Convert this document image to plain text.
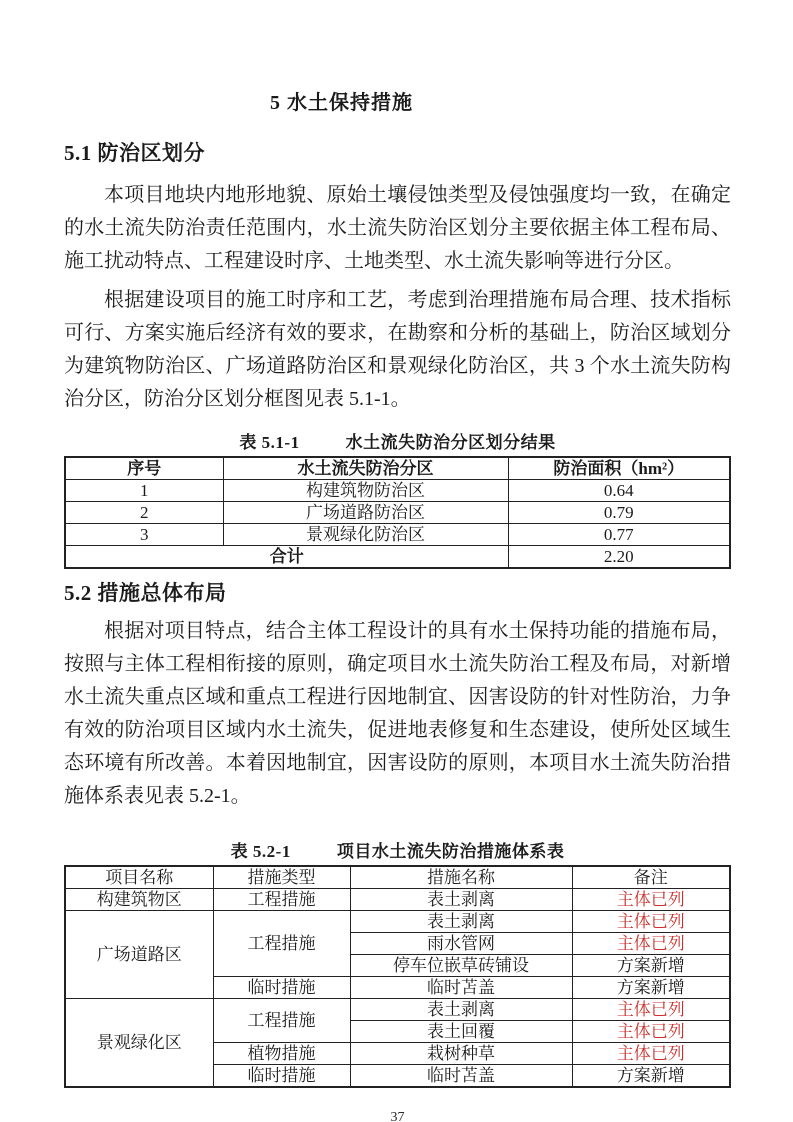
5 水土保持措施
5.1 防治区划分

本项目地块内地形地貌、原始土壤侵蚀类型及侵蚀强度均一致，在确定的水土流失防治责任范围内，水土流失防治区划分主要依据主体工程布局、施工扰动特点、工程建设时序、土地类型、水土流失影响等进行分区。

根据建设项目的施工时序和工艺，考虑到治理措施布局合理、技术指标可行、方案实施后经济有效的要求，在勘察和分析的基础上，防治区域划分为建筑物防治区、广场道路防治区和景观绿化防治区，共 3 个水土流失防构治分区，防治分区划分框图见表 5.1-1。

表 5.1-1	水土流失防治分区划分结果
序号	水土流失防治分区	防治面积（hm²）
1	构建筑物防治区	0.64
2	广场道路防治区	0.79
3	景观绿化防治区	0.77
合计		2.20
5.2 措施总体布局

根据对项目特点，结合主体工程设计的具有水土保持功能的措施布局，按照与主体工程相衔接的原则，确定项目水土流失防治工程及布局，对新增水土流失重点区域和重点工程进行因地制宜、因害设防的针对性防治，力争有效的防治项目区域内水土流失，促进地表修复和生态建设，使所处区域生态环境有所改善。本着因地制宜，因害设防的原则，本项目水土流失防治措施体系表见表 5.2-1。

表 5.2-1	项目水土流失防治措施体系表
项目名称	措施类型	措施名称	备注
构建筑物区	工程措施	表土剥离	主体已列
广场道路区	工程措施	表土剥离	主体已列
		雨水管网	主体已列
		停车位嵌草砖铺设	方案新增
	临时措施	临时苫盖	方案新增
景观绿化区	工程措施	表土剥离	主体已列
		表土回覆	主体已列
	植物措施	栽树种草	主体已列
	临时措施	临时苫盖	方案新增
37
